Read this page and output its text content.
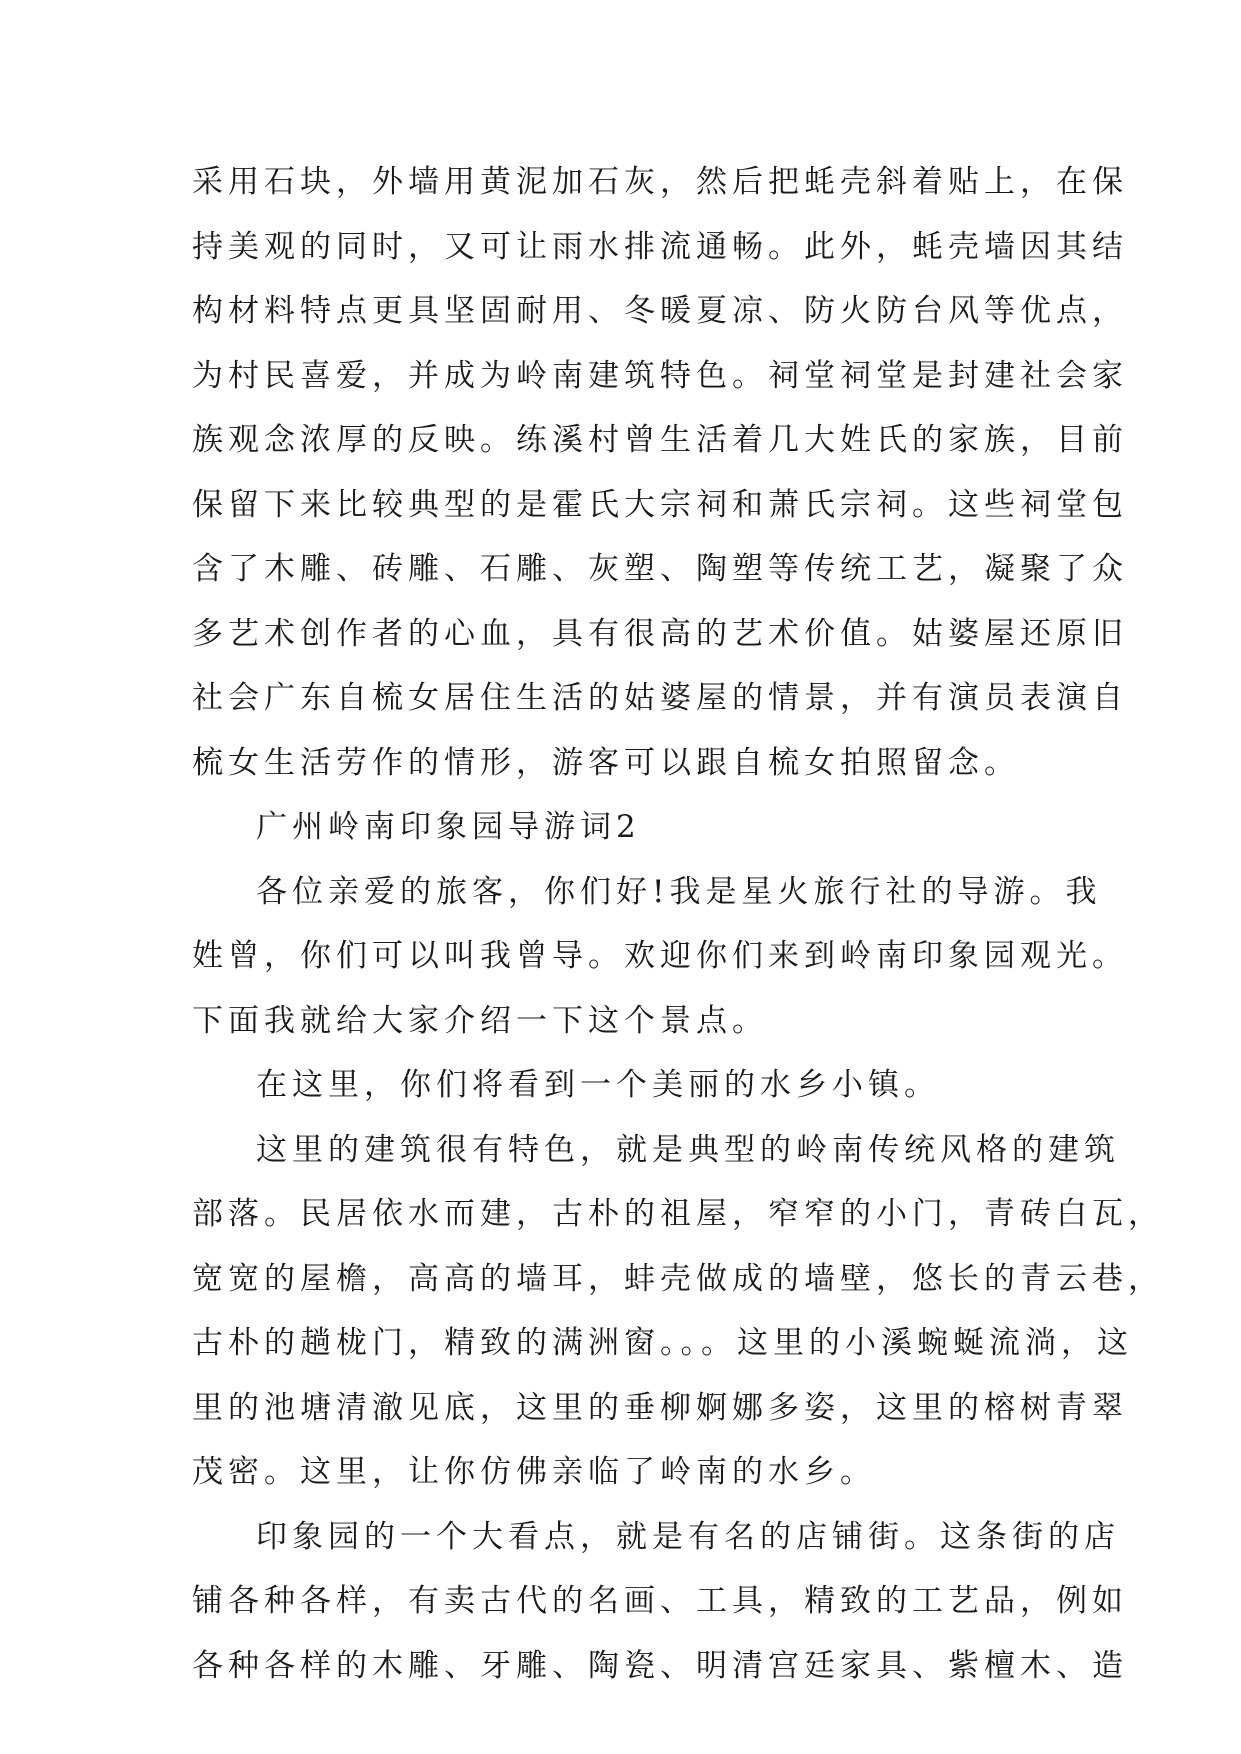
采用石块，外墙用黄泥加石灰，然后把蚝壳斜着贴上，在保
持美观的同时，又可让雨水排流通畅。此外，蚝壳墙因其结
构材料特点更具坚固耐用、冬暖夏凉、防火防台风等优点，
为村民喜爱，并成为岭南建筑特色。祠堂祠堂是封建社会家
族观念浓厚的反映。练溪村曾生活着几大姓氏的家族，目前
保留下来比较典型的是霍氏大宗祠和萧氏宗祠。这些祠堂包
含了木雕、砖雕、石雕、灰塑、陶塑等传统工艺，凝聚了众
多艺术创作者的心血，具有很高的艺术价值。姑婆屋还原旧
社会广东自梳女居住生活的姑婆屋的情景，并有演员表演自
梳女生活劳作的情形，游客可以跟自梳女拍照留念。
广州岭南印象园导游词2
各位亲爱的旅客，你们好!我是星火旅行社的导游。我
姓曾，你们可以叫我曾导。欢迎你们来到岭南印象园观光。
下面我就给大家介绍一下这个景点。
在这里，你们将看到一个美丽的水乡小镇。
这里的建筑很有特色，就是典型的岭南传统风格的建筑
部落。民居依水而建，古朴的祖屋，窄窄的小门，青砖白瓦，
宽宽的屋檐，高高的墙耳，蚌壳做成的墙壁，悠长的青云巷，
古朴的趟栊门，精致的满洲窗。。。这里的小溪蜿蜒流淌，这
里的池塘清澈见底，这里的垂柳婀娜多姿，这里的榕树青翠
茂密。这里，让你仿佛亲临了岭南的水乡。
印象园的一个大看点，就是有名的店铺街。这条街的店
铺各种各样，有卖古代的名画、工具，精致的工艺品，例如
各种各样的木雕、牙雕、陶瓷、明清宫廷家具、紫檀木、造
